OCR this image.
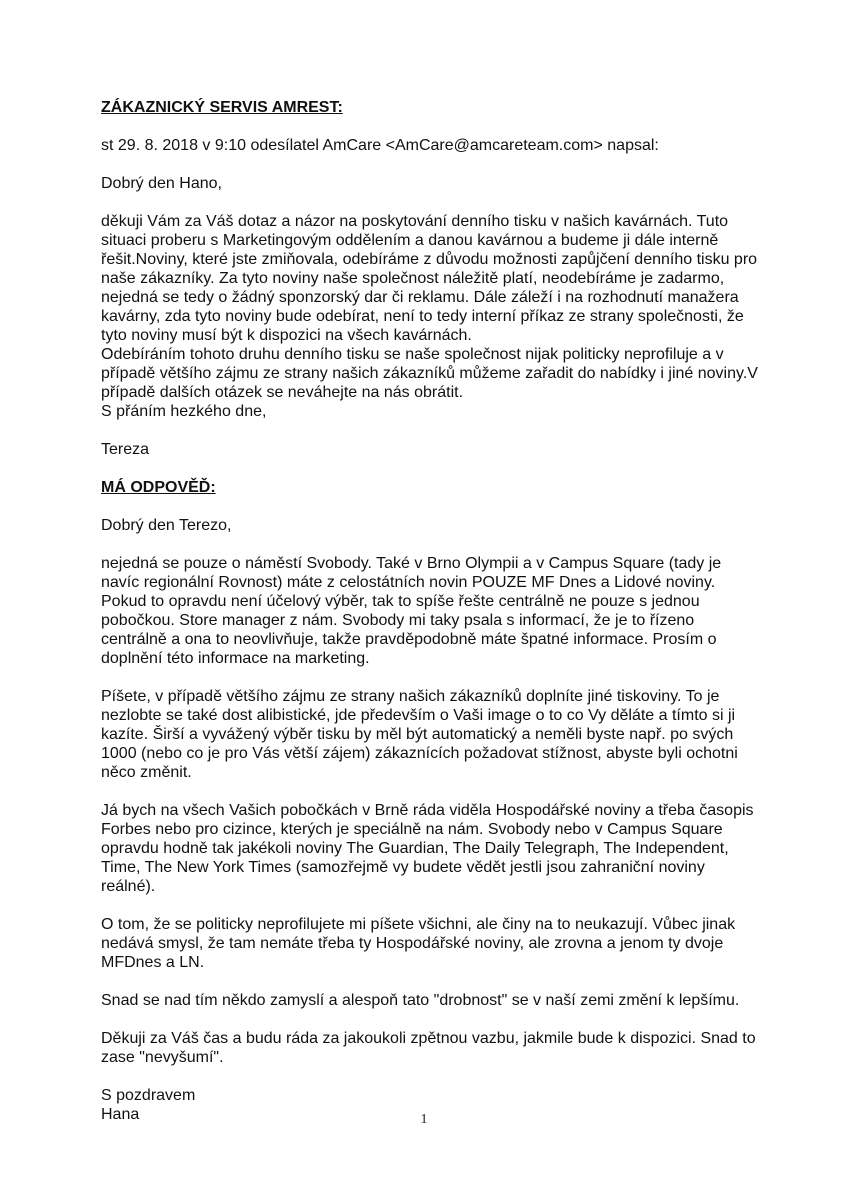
ZÁKAZNICKÝ SERVIS AMREST:

st 29. 8. 2018 v 9:10 odesílatel AmCare <AmCare@amcareteam.com> napsal:

Dobrý den Hano,

děkuji Vám za Váš dotaz a názor na poskytování denního tisku v našich kavárnách. Tuto

situaci proberu s Marketingovým oddělením a danou kavárnou a budeme ji dále interně

řešit.Noviny, které jste zmiňovala, odebíráme z důvodu možnosti zapůjčení denního tisku pro

naše zákazníky. Za tyto noviny naše společnost náležitě platí, neodebíráme je zadarmo,

nejedná se tedy o žádný sponzorský dar či reklamu. Dále záleží i na rozhodnutí manažera

kavárny, zda tyto noviny bude odebírat, není to tedy interní příkaz ze strany společnosti, že

tyto noviny musí být k dispozici na všech kavárnách.

Odebíráním tohoto druhu denního tisku se naše společnost nijak politicky neprofiluje a v

případě většího zájmu ze strany našich zákazníků můžeme zařadit do nabídky i jiné noviny.V

případě dalších otázek se neváhejte na nás obrátit.

S přáním hezkého dne,

Tereza

MÁ ODPOVĚĎ:

Dobrý den Terezo,

nejedná se pouze o náměstí Svobody. Také v Brno Olympii a v Campus Square (tady je

navíc regionální Rovnost) máte z celostátních novin POUZE MF Dnes a Lidové noviny.

Pokud to opravdu není účelový výběr, tak to spíše řešte centrálně ne pouze s jednou

pobočkou. Store manager z nám. Svobody mi taky psala s informací, že je to řízeno

centrálně a ona to neovlivňuje, takže pravděpodobně máte špatné informace. Prosím o

doplnění této informace na marketing.

Píšete, v případě většího zájmu ze strany našich zákazníků doplníte jiné tiskoviny. To je

nezlobte se také dost alibistické, jde především o Vaši image o to co Vy děláte a tímto si ji

kazíte. Širší a vyvážený výběr tisku by měl být automatický a neměli byste např. po svých

1000 (nebo co je pro Vás větší zájem) zákaznících požadovat stížnost, abyste byli ochotni

něco změnit.

Já bych na všech Vašich pobočkách v Brně ráda viděla Hospodářské noviny a třeba časopis

Forbes nebo pro cizince, kterých je speciálně na nám. Svobody nebo v Campus Square

opravdu hodně tak jakékoli noviny The Guardian, The Daily Telegraph, The Independent,

Time, The New York Times (samozřejmě vy budete vědět jestli jsou zahraniční noviny

reálné).

O tom, že se politicky neprofilujete mi píšete všichni, ale činy na to neukazují. Vůbec jinak

nedává smysl, že tam nemáte třeba ty Hospodářské noviny, ale zrovna a jenom ty dvoje

MFDnes a LN.

Snad se nad tím někdo zamyslí a alespoň tato "drobnost" se v naší zemi změní k lepšímu.

Děkuji za Váš čas a budu ráda za jakoukoli zpětnou vazbu, jakmile bude k dispozici. Snad to

zase "nevyšumí".

S pozdravem

Hana	1
